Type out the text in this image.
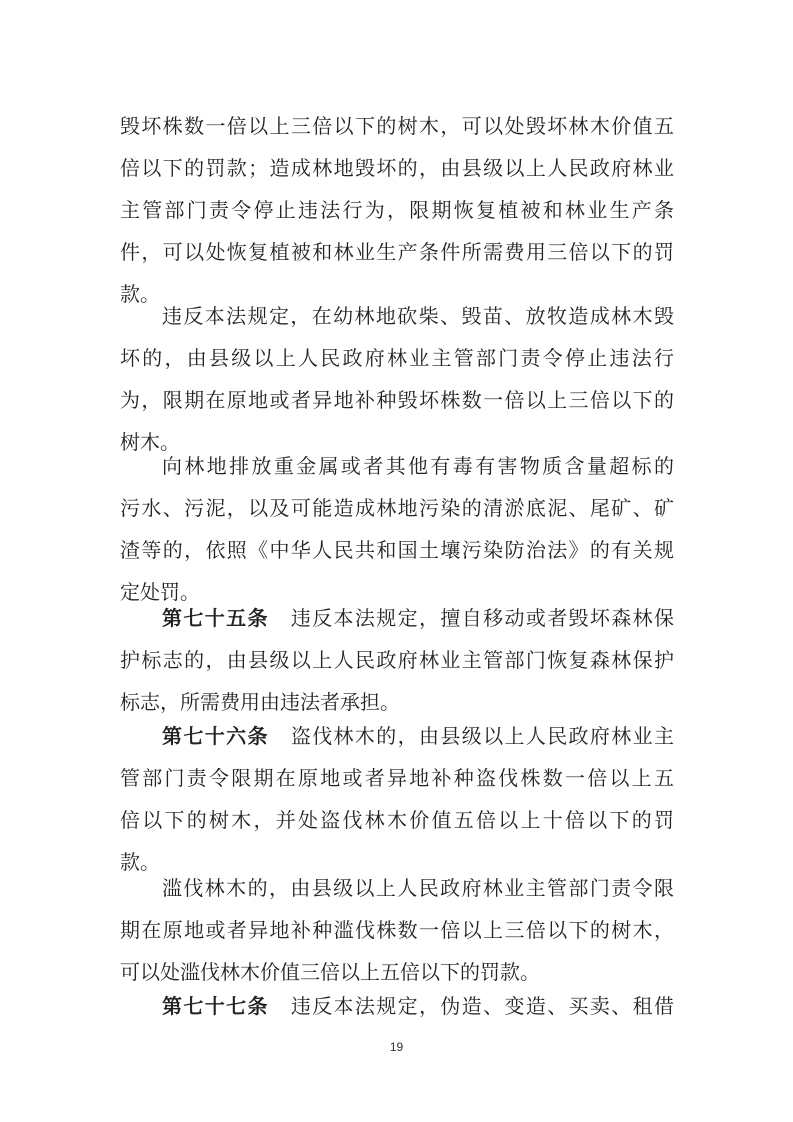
毁坏株数一倍以上三倍以下的树木，可以处毁坏林木价值五
倍以下的罚款；造成林地毁坏的，由县级以上人民政府林业
主管部门责令停止违法行为，限期恢复植被和林业生产条
件，可以处恢复植被和林业生产条件所需费用三倍以下的罚
款。
违反本法规定，在幼林地砍柴、毁苗、放牧造成林木毁
坏的，由县级以上人民政府林业主管部门责令停止违法行
为，限期在原地或者异地补种毁坏株数一倍以上三倍以下的
树木。
向林地排放重金属或者其他有毒有害物质含量超标的
污水、污泥，以及可能造成林地污染的清淤底泥、尾矿、矿
渣等的，依照《中华人民共和国土壤污染防治法》的有关规
定处罚。
第七十五条 违反本法规定，擅自移动或者毁坏森林保
护标志的，由县级以上人民政府林业主管部门恢复森林保护
标志，所需费用由违法者承担。
第七十六条 盗伐林木的，由县级以上人民政府林业主
管部门责令限期在原地或者异地补种盗伐株数一倍以上五
倍以下的树木，并处盗伐林木价值五倍以上十倍以下的罚
款。
滥伐林木的，由县级以上人民政府林业主管部门责令限
期在原地或者异地补种滥伐株数一倍以上三倍以下的树木，
可以处滥伐林木价值三倍以上五倍以下的罚款。
第七十七条 违反本法规定，伪造、变造、买卖、租借
19
